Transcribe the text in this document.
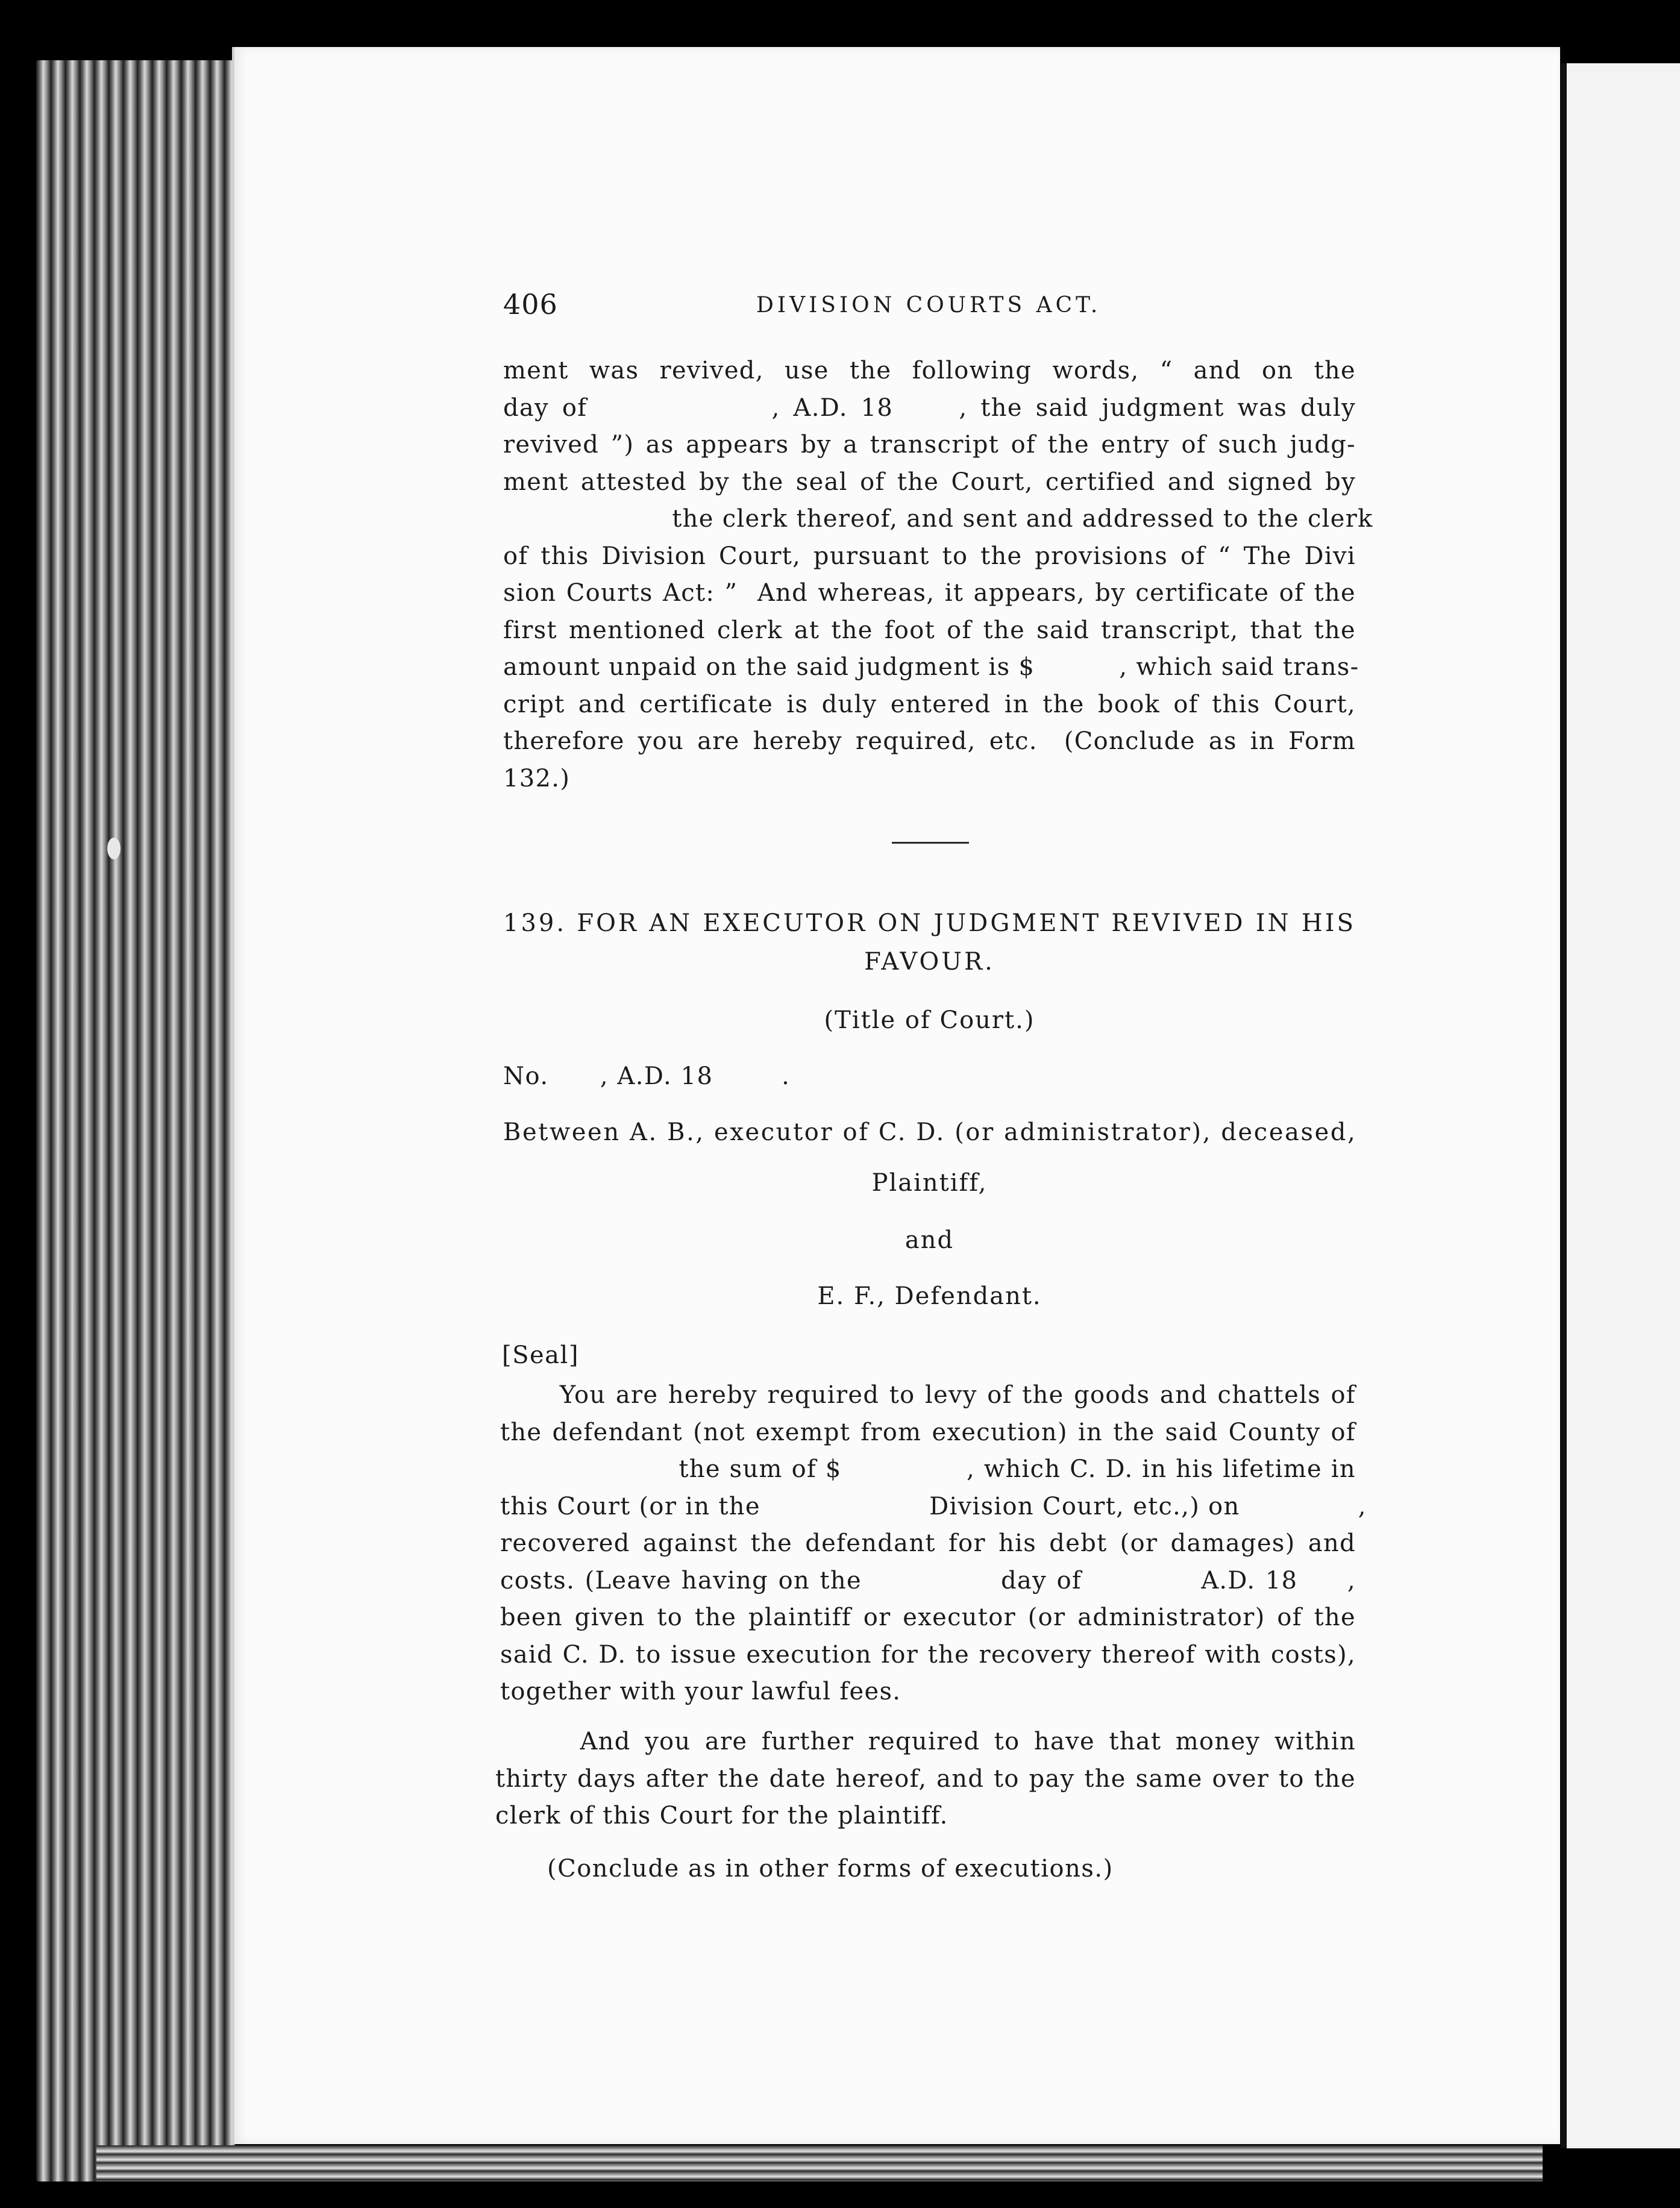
406	DIVISION COURTS ACT.
ment was revived, use the following words, “ and on the
day of              , A.D. 18     , the said judgment was duly
revived ”) as appears by a transcript of the entry of such judg-
ment attested by the seal of the Court, certified and signed by
the clerk thereof, and sent and addressed to the clerk
of this Division Court, pursuant to the provisions of “ The Divi
sion Courts Act: ”  And whereas, it appears, by certificate of the
first mentioned clerk at the foot of the said transcript, that the
amount unpaid on the said judgment is $          , which said trans-
cript and certificate is duly entered in the book of this Court,
therefore you are hereby required, etc.  (Conclude as in Form
132.)
139. FOR AN EXECUTOR ON JUDGMENT REVIVED IN HIS
FAVOUR.
(Title of Court.)
No.      , A.D. 18        .
Between A. B., executor of C. D. (or administrator), deceased,
Plaintiff,
and
E. F., Defendant.
[Seal]
You are hereby required to levy of the goods and chattels of
the defendant (not exempt from execution) in the said County of
the sum of $              , which C. D. in his lifetime in
this Court (or in the                    Division Court, etc.,) on              ,
recovered against the defendant for his debt (or damages) and
costs. (Leave having on the              day of            A.D. 18     ,
been given to the plaintiff or executor (or administrator) of the
said C. D. to issue execution for the recovery thereof with costs),
together with your lawful fees.
And you are further required to have that money within
thirty days after the date hereof, and to pay the same over to the
clerk of this Court for the plaintiff.
(Conclude as in other forms of executions.)
